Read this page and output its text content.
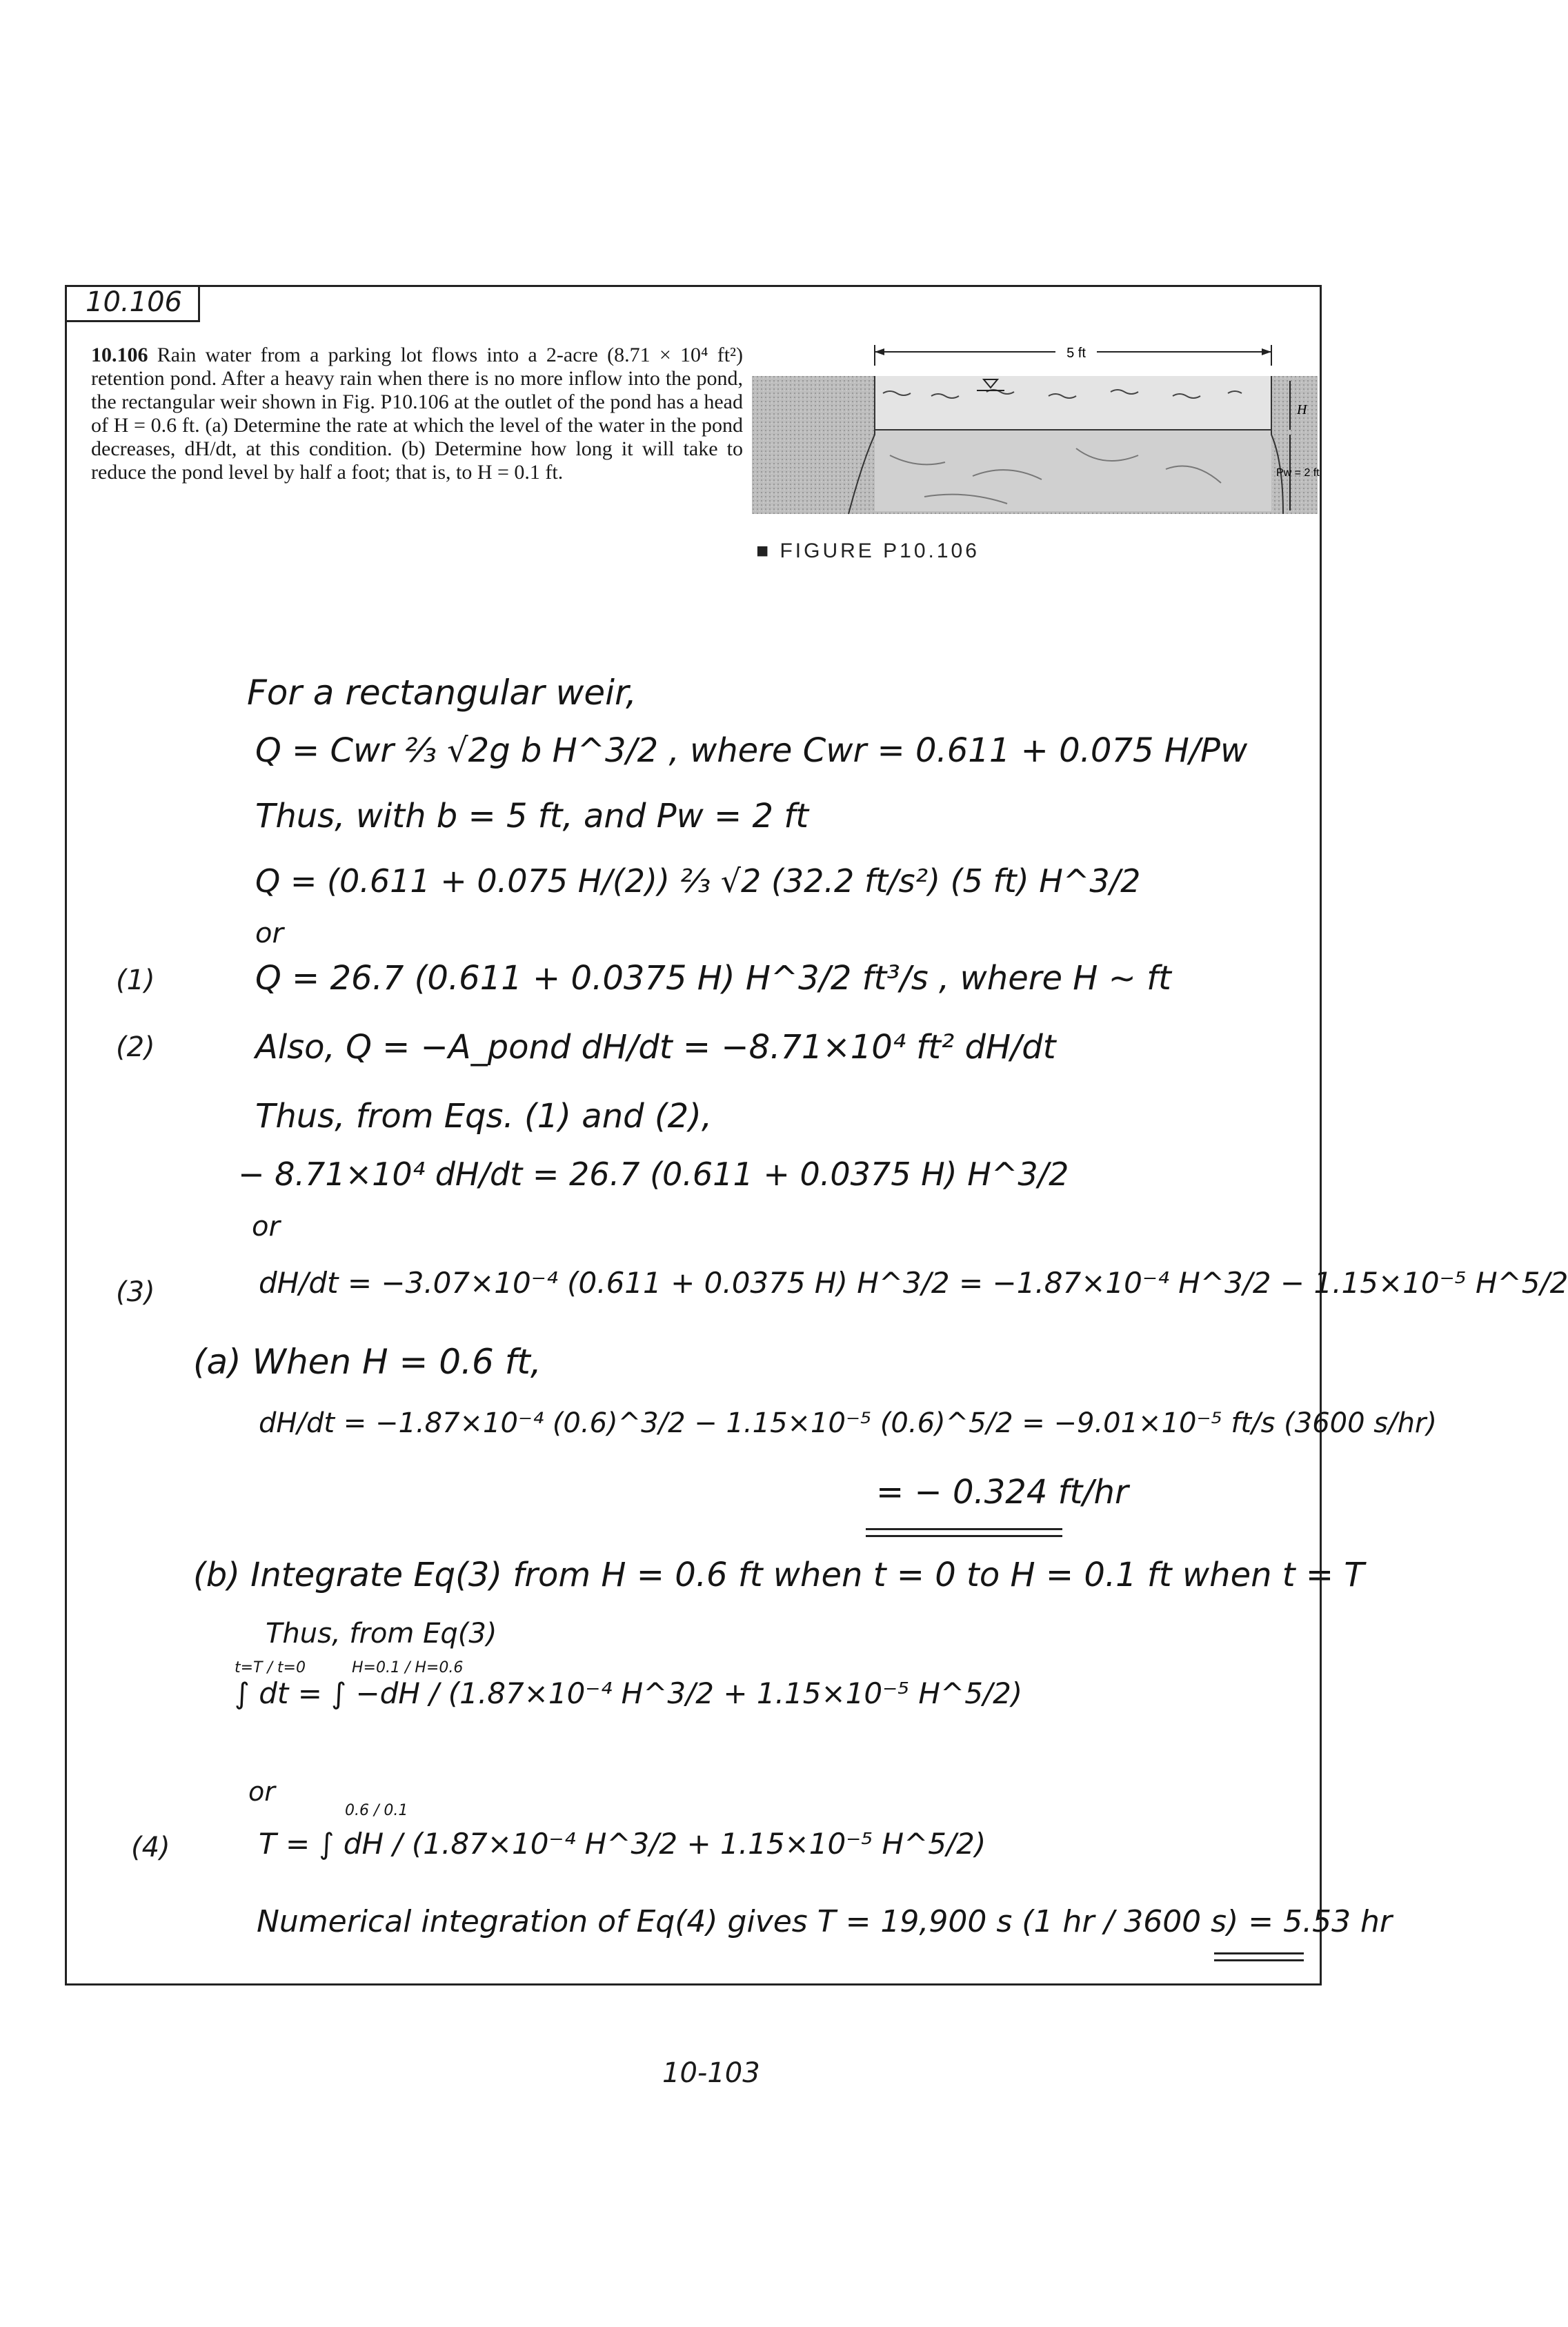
10.106
10.106 Rain water from a parking lot flows into a 2-acre (8.71 × 10⁴ ft²) retention pond. After a heavy rain when there is no more inflow into the pond, the rectangular weir shown in Fig. P10.106 at the outlet of the pond has a head of H = 0.6 ft. (a) Determine the rate at which the level of the water in the pond decreases, dH/dt, at this condition. (b) Determine how long it will take to reduce the pond level by half a foot; that is, to H = 0.1 ft.
5 ft
H
Pw = 2 ft
■ FIGURE P10.106
For a rectangular weir,
Q = Cwr ⅔ √2g b H^3/2 , where Cwr = 0.611 + 0.075 H/Pw
Thus, with b = 5 ft, and Pw = 2 ft
Q = (0.611 + 0.075 H/(2)) ⅔ √2 (32.2 ft/s²) (5 ft) H^3/2
or
(1)	Q = 26.7 (0.611 + 0.0375 H) H^3/2 ft³/s , where H ~ ft
(2)	Also, Q = −A_pond dH/dt = −8.71×10⁴ ft² dH/dt
Thus, from Eqs. (1) and (2),
− 8.71×10⁴ dH/dt = 26.7 (0.611 + 0.0375 H) H^3/2
or
(3)	dH/dt = −3.07×10⁻⁴ (0.611 + 0.0375 H) H^3/2 = −1.87×10⁻⁴ H^3/2 − 1.15×10⁻⁵ H^5/2
(a) When H = 0.6 ft,
dH/dt = −1.87×10⁻⁴ (0.6)^3/2 − 1.15×10⁻⁵ (0.6)^5/2 = −9.01×10⁻⁵ ft/s (3600 s/hr)
= − 0.324 ft/hr
(b) Integrate Eq(3) from H = 0.6 ft when t = 0 to H = 0.1 ft when t = T
Thus, from Eq(3)
∫ dt = ∫ −dH / (1.87×10⁻⁴ H^3/2 + 1.15×10⁻⁵ H^5/2)
t=T / t=0	H=0.1 / H=0.6
or
(4)	T = ∫ dH / (1.87×10⁻⁴ H^3/2 + 1.15×10⁻⁵ H^5/2)
0.6 / 0.1
Numerical integration of Eq(4) gives T = 19,900 s (1 hr / 3600 s) = 5.53 hr
10-103
